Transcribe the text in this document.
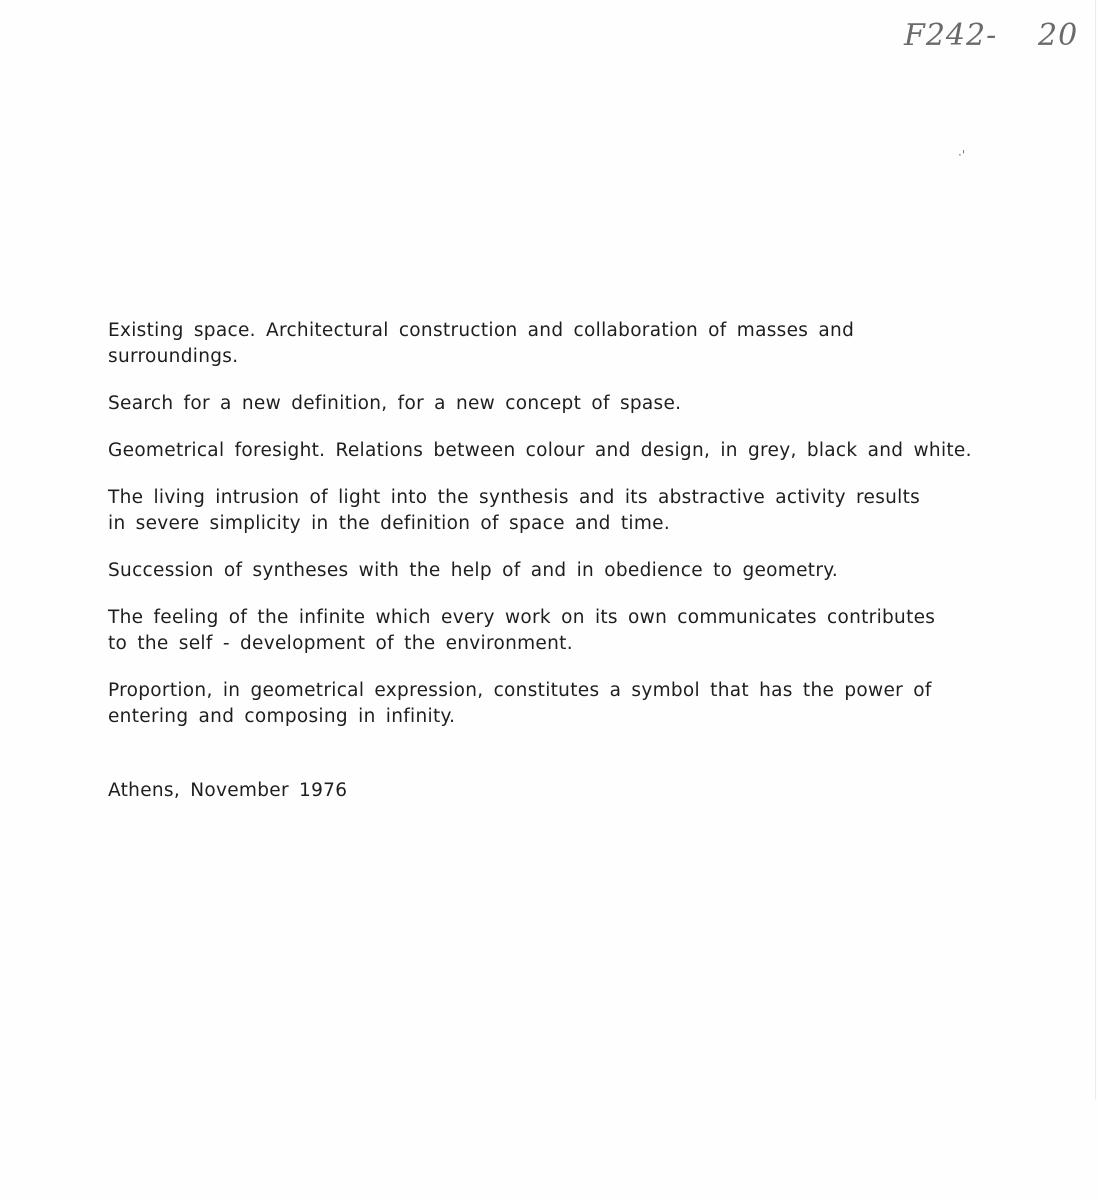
F242- 20
·'

Existing space. Architectural construction and collaboration of masses and surroundings.

Search for a new definition, for a new concept of spase.

Geometrical foresight. Relations between colour and design, in grey, black and white.

The living intrusion of light into the synthesis and its abstractive activity results
in severe simplicity in the definition of space and time.

Succession of syntheses with the help of and in obedience to geometry.

The feeling of the infinite which every work on its own communicates contributes
to the self - development of the environment.

Proportion, in geometrical expression, constitutes a symbol that has the power of
entering and composing in infinity.

Athens, November 1976
